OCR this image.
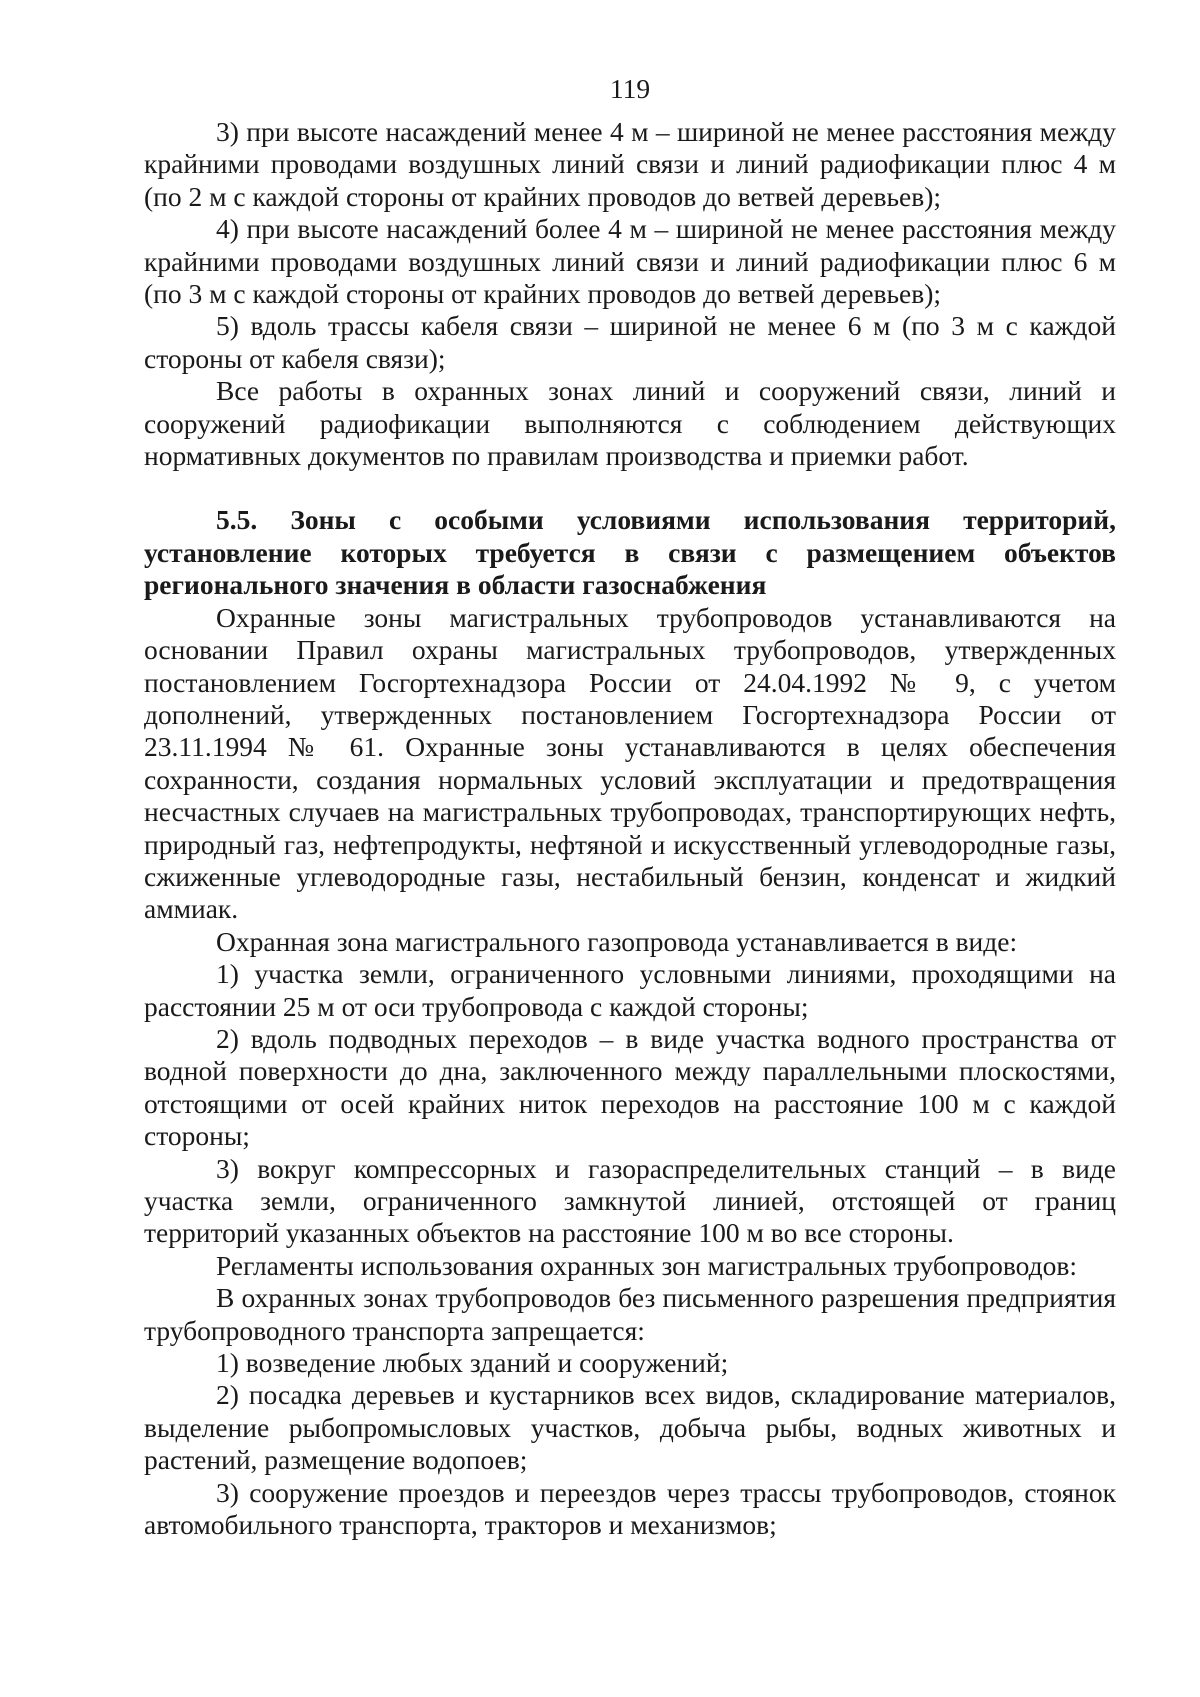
119

3) при высоте насаждений менее 4 м – шириной не менее расстояния между крайними проводами воздушных линий связи и линий радиофикации плюс 4 м (по 2 м с каждой стороны от крайних проводов до ветвей деревьев);

4) при высоте насаждений более 4 м – шириной не менее расстояния между крайними проводами воздушных линий связи и линий радиофикации плюс 6 м (по 3 м с каждой стороны от крайних проводов до ветвей деревьев);

5) вдоль трассы кабеля связи – шириной не менее 6 м (по 3 м с каждой стороны от кабеля связи);

Все работы в охранных зонах линий и сооружений связи, линий и сооружений радиофикации выполняются с соблюдением действующих нормативных документов по правилам производства и приемки работ.

5.5. Зоны с особыми условиями использования территорий, установление которых требуется в связи с размещением объектов регионального значения в области газоснабжения

Охранные зоны магистральных трубопроводов устанавливаются на основании Правил охраны магистральных трубопроводов, утвержденных постановлением Госгортехнадзора России от 24.04.1992 № 9, с учетом дополнений, утвержденных постановлением Госгортехнадзора России от 23.11.1994 № 61. Охранные зоны устанавливаются в целях обеспечения сохранности, создания нормальных условий эксплуатации и предотвращения несчастных случаев на магистральных трубопроводах, транспортирующих нефть, природный газ, нефтепродукты, нефтяной и искусственный углеводородные газы, сжиженные углеводородные газы, нестабильный бензин, конденсат и жидкий аммиак.

Охранная зона магистрального газопровода устанавливается в виде:

1) участка земли, ограниченного условными линиями, проходящими на расстоянии 25 м от оси трубопровода с каждой стороны;

2) вдоль подводных переходов – в виде участка водного пространства от водной поверхности до дна, заключенного между параллельными плоскостями, отстоящими от осей крайних ниток переходов на расстояние 100 м с каждой стороны;

3) вокруг компрессорных и газораспределительных станций – в виде участка земли, ограниченного замкнутой линией, отстоящей от границ территорий указанных объектов на расстояние 100 м во все стороны.

Регламенты использования охранных зон магистральных трубопроводов:

В охранных зонах трубопроводов без письменного разрешения предприятия трубопроводного транспорта запрещается:

1) возведение любых зданий и сооружений;

2) посадка деревьев и кустарников всех видов, складирование материалов, выделение рыбопромысловых участков, добыча рыбы, водных животных и растений, размещение водопоев;

3) сооружение проездов и переездов через трассы трубопроводов, стоянок автомобильного транспорта, тракторов и механизмов;
